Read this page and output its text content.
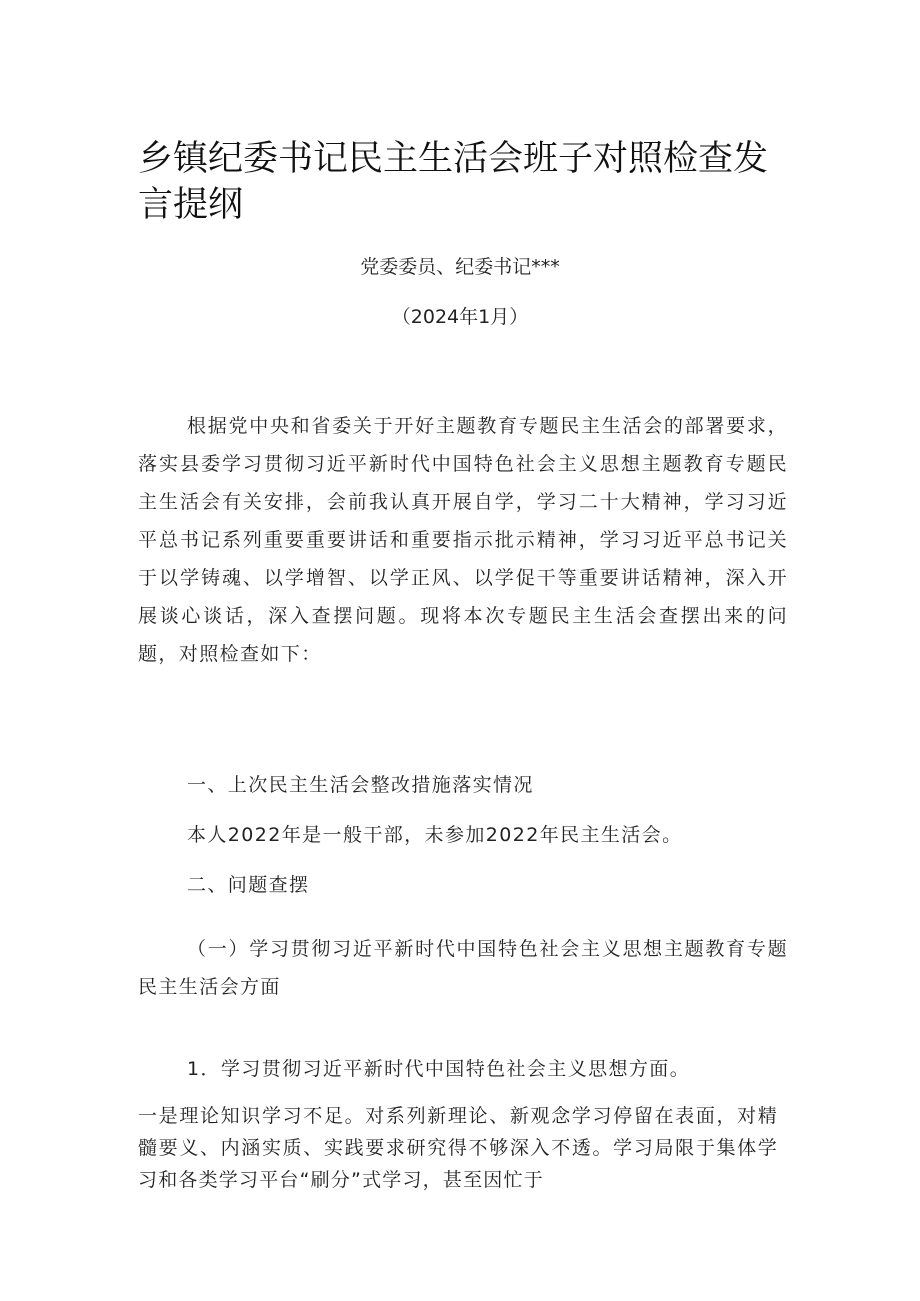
乡镇纪委书记民主生活会班子对照检查发言提纲

党委委员、纪委书记***

（2024年1月）

根据党中央和省委关于开好主题教育专题民主生活会的部署要求，落实县委学习贯彻习近平新时代中国特色社会主义思想主题教育专题民主生活会有关安排，会前我认真开展自学，学习二十大精神，学习习近平总书记系列重要重要讲话和重要指示批示精神，学习习近平总书记关于以学铸魂、以学增智、以学正风、以学促干等重要讲话精神，深入开展谈心谈话，深入查摆问题。现将本次专题民主生活会查摆出来的问题，对照检查如下：

一、上次民主生活会整改措施落实情况

本人2022年是一般干部，未参加2022年民主生活会。

二、问题查摆

（一）学习贯彻习近平新时代中国特色社会主义思想主题教育专题民主生活会方面

1．学习贯彻习近平新时代中国特色社会主义思想方面。

一是理论知识学习不足。对系列新理论、新观念学习停留在表面，对精髓要义、内涵实质、实践要求研究得不够深入不透。学习局限于集体学习和各类学习平台“刷分”式学习，甚至因忙于
